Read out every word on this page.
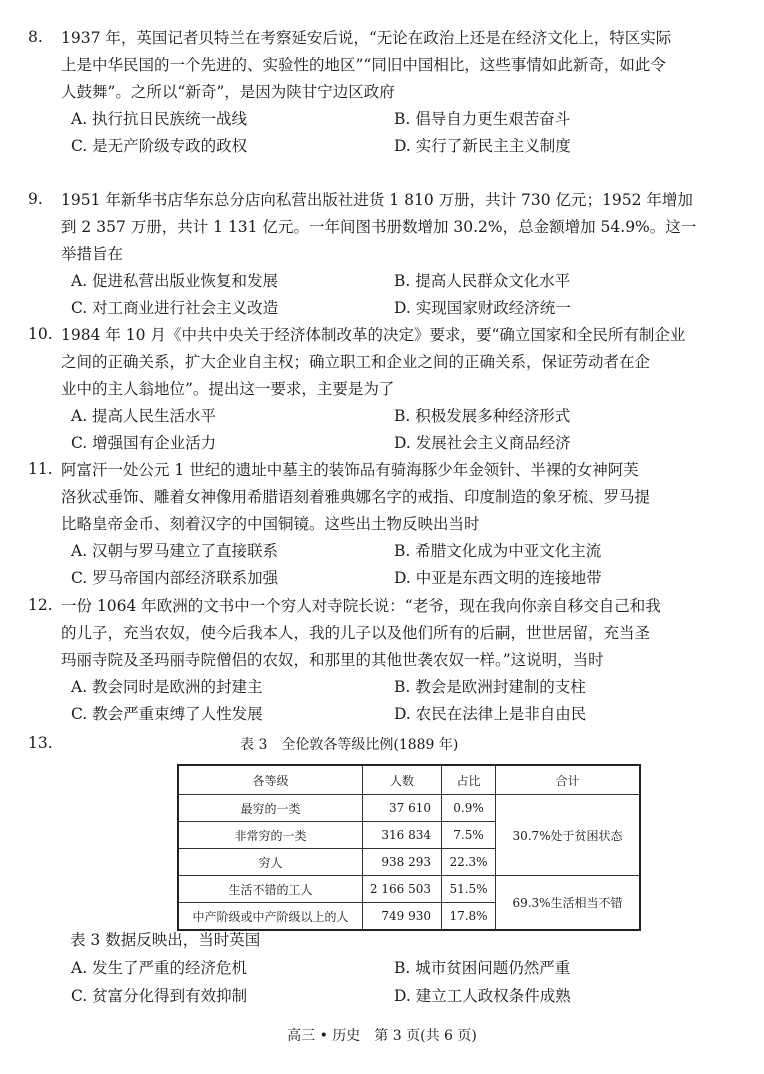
8. 1937 年，英国记者贝特兰在考察延安后说，“无论在政治上还是在经济文化上，特区实际
上是中华民国的一个先进的、实验性的地区”“同旧中国相比，这些事情如此新奇，如此令
人鼓舞”。之所以“新奇”，是因为陕甘宁边区政府
A. 执行抗日民族统一战线	B. 倡导自力更生艰苦奋斗
C. 是无产阶级专政的政权	D. 实行了新民主主义制度
9. 1951 年新华书店华东总分店向私营出版社进货 1 810 万册，共计 730 亿元；1952 年增加
到 2 357 万册，共计 1 131 亿元。一年间图书册数增加 30.2%，总金额增加 54.9%。这一
举措旨在
A. 促进私营出版业恢复和发展	B. 提高人民群众文化水平
C. 对工商业进行社会主义改造	D. 实现国家财政经济统一
10. 1984 年 10 月《中共中央关于经济体制改革的决定》要求，要“确立国家和全民所有制企业
之间的正确关系，扩大企业自主权；确立职工和企业之间的正确关系，保证劳动者在企
业中的主人翁地位”。提出这一要求，主要是为了
A. 提高人民生活水平	B. 积极发展多种经济形式
C. 增强国有企业活力	D. 发展社会主义商品经济
11. 阿富汗一处公元 1 世纪的遗址中墓主的装饰品有骑海豚少年金领针、半裸的女神阿芙
洛狄忒垂饰、雕着女神像用希腊语刻着雅典娜名字的戒指、印度制造的象牙梳、罗马提
比略皇帝金币、刻着汉字的中国铜镜。这些出土物反映出当时
A. 汉朝与罗马建立了直接联系	B. 希腊文化成为中亚文化主流
C. 罗马帝国内部经济联系加强	D. 中亚是东西文明的连接地带
12. 一份 1064 年欧洲的文书中一个穷人对寺院长说：“老爷，现在我向你亲自移交自己和我
的儿子，充当农奴，使今后我本人，我的儿子以及他们所有的后嗣，世世居留，充当圣
玛丽寺院及圣玛丽寺院僧侣的农奴，和那里的其他世袭农奴一样。”这说明，当时
A. 教会同时是欧洲的封建主	B. 教会是欧洲封建制的支柱
C. 教会严重束缚了人性发展	D. 农民在法律上是非自由民
13.	表 3　全伦敦各等级比例(1889 年)
各等级	人数	占比	合计
最穷的一类	37 610	0.9%	30.7%处于贫困状态
非常穷的一类	316 834	7.5%	
穷人	938 293	22.3%	
生活不错的工人	2 166 503	51.5%	69.3%生活相当不错
中产阶级或中产阶级以上的人	749 930	17.8%	
表 3 数据反映出，当时英国
A. 发生了严重的经济危机	B. 城市贫困问题仍然严重
C. 贫富分化得到有效抑制	D. 建立工人政权条件成熟
高三 • 历史　第 3 页(共 6 页)
